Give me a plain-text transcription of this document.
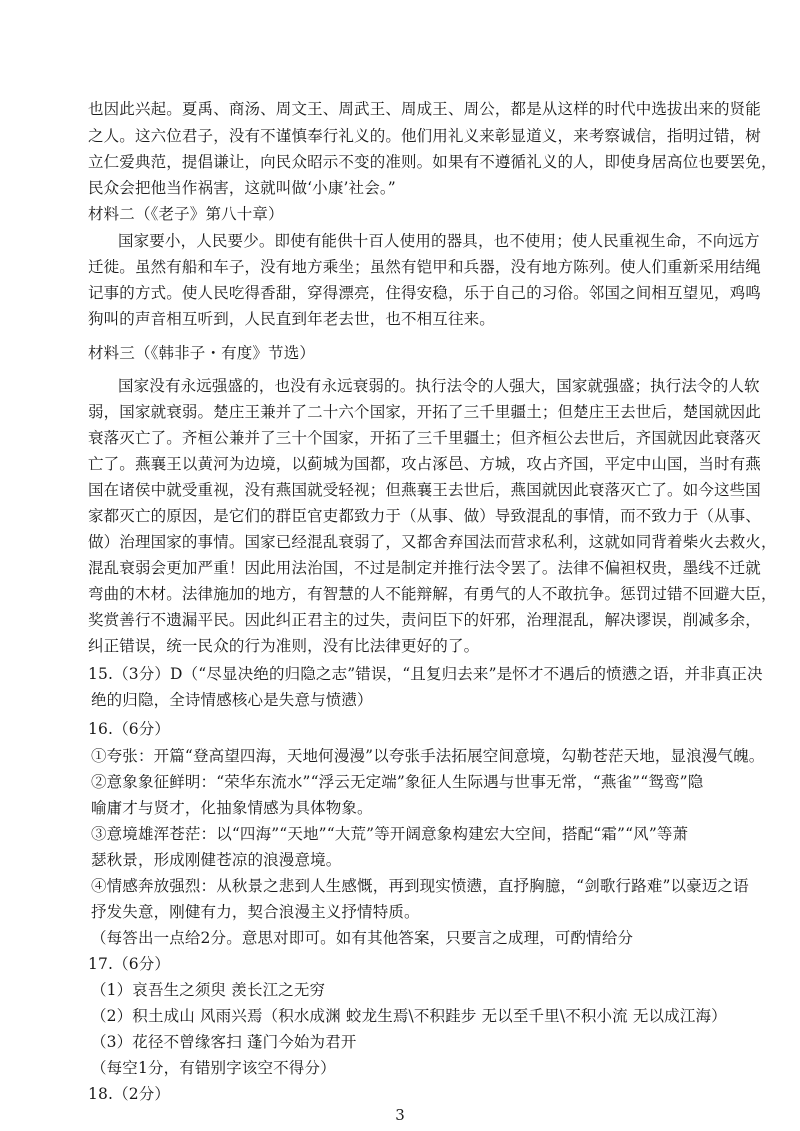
也因此兴起。夏禹、商汤、周文王、周武王、周成王、周公，都是从这样的时代中选拔出来的贤能
之人。这六位君子，没有不谨慎奉行礼义的。他们用礼义来彰显道义，来考察诚信，指明过错，树
立仁爱典范，提倡谦让，向民众昭示不变的准则。如果有不遵循礼义的人，即使身居高位也要罢免，
民众会把他当作祸害，这就叫做‘小康’社会。”
材料二（《老子》第八十章）
国家要小，人民要少。即使有能供十百人使用的器具，也不使用；使人民重视生命，不向远方
迁徙。虽然有船和车子，没有地方乘坐；虽然有铠甲和兵器，没有地方陈列。使人们重新采用结绳
记事的方式。使人民吃得香甜，穿得漂亮，住得安稳，乐于自己的习俗。邻国之间相互望见，鸡鸣
狗叫的声音相互听到，人民直到年老去世，也不相互往来。
材料三（《韩非子・有度》节选）
国家没有永远强盛的，也没有永远衰弱的。执行法令的人强大，国家就强盛；执行法令的人软
弱，国家就衰弱。楚庄王兼并了二十六个国家，开拓了三千里疆土；但楚庄王去世后，楚国就因此
衰落灭亡了。齐桓公兼并了三十个国家，开拓了三千里疆土；但齐桓公去世后，齐国就因此衰落灭
亡了。燕襄王以黄河为边境，以蓟城为国都，攻占涿邑、方城，攻占齐国，平定中山国，当时有燕
国在诸侯中就受重视，没有燕国就受轻视；但燕襄王去世后，燕国就因此衰落灭亡了。如今这些国
家都灭亡的原因，是它们的群臣官吏都致力于（从事、做）导致混乱的事情，而不致力于（从事、
做）治理国家的事情。国家已经混乱衰弱了，又都舍弃国法而营求私利，这就如同背着柴火去救火，
混乱衰弱会更加严重！因此用法治国，不过是制定并推行法令罢了。法律不偏袒权贵，墨线不迁就
弯曲的木材。法律施加的地方，有智慧的人不能辩解，有勇气的人不敢抗争。惩罚过错不回避大臣，
奖赏善行不遗漏平民。因此纠正君主的过失，责问臣下的奸邪，治理混乱，解决谬误，削减多余，
纠正错误，统一民众的行为准则，没有比法律更好的了。
15.（3分）D（“尽显决绝的归隐之志”错误，“且复归去来”是怀才不遇后的愤懑之语，并非真正决
绝的归隐，全诗情感核心是失意与愤懑）
16.（6分）
①夸张：开篇“登高望四海，天地何漫漫”以夸张手法拓展空间意境，勾勒苍茫天地，显浪漫气魄。
②意象象征鲜明：“荣华东流水”“浮云无定端”象征人生际遇与世事无常，“燕雀”“鸳鸾”隐
喻庸才与贤才，化抽象情感为具体物象。
③意境雄浑苍茫：以“四海”“天地”“大荒”等开阔意象构建宏大空间，搭配“霜”“风”等萧
瑟秋景，形成刚健苍凉的浪漫意境。
④情感奔放强烈：从秋景之悲到人生感慨，再到现实愤懑，直抒胸臆，“剑歌行路难”以豪迈之语
抒发失意，刚健有力，契合浪漫主义抒情特质。
（每答出一点给2分。意思对即可。如有其他答案，只要言之成理，可酌情给分
17.（6分）
（1）哀吾生之须臾 羡长江之无穷
（2）积土成山 风雨兴焉（积水成渊 蛟龙生焉\不积跬步 无以至千里\不积小流 无以成江海）
（3）花径不曾缘客扫 蓬门今始为君开
（每空1分，有错别字该空不得分）
18.（2分）
3
